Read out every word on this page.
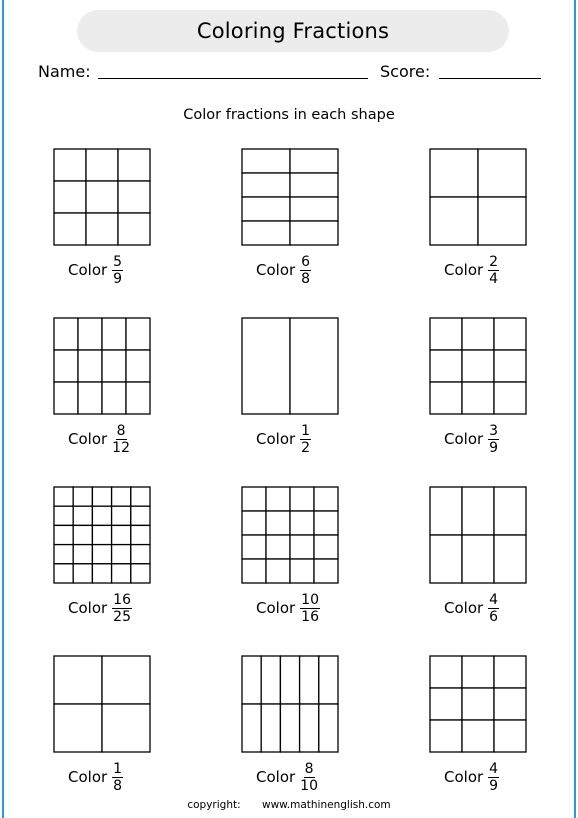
Coloring Fractions
Name:	Score:
Color fractions in each shape
Color $\frac{5}{9}$	Color $\frac{6}{8}$	Color $\frac{2}{4}$
Color $\frac{8}{12}$	Color $\frac{1}{2}$	Color $\frac{3}{9}$
Color $\frac{16}{25}$	Color $\frac{10}{16}$	Color $\frac{4}{6}$
Color $\frac{1}{8}$	Color $\frac{8}{10}$	Color $\frac{4}{9}$
copyright: www.mathinenglish.com
